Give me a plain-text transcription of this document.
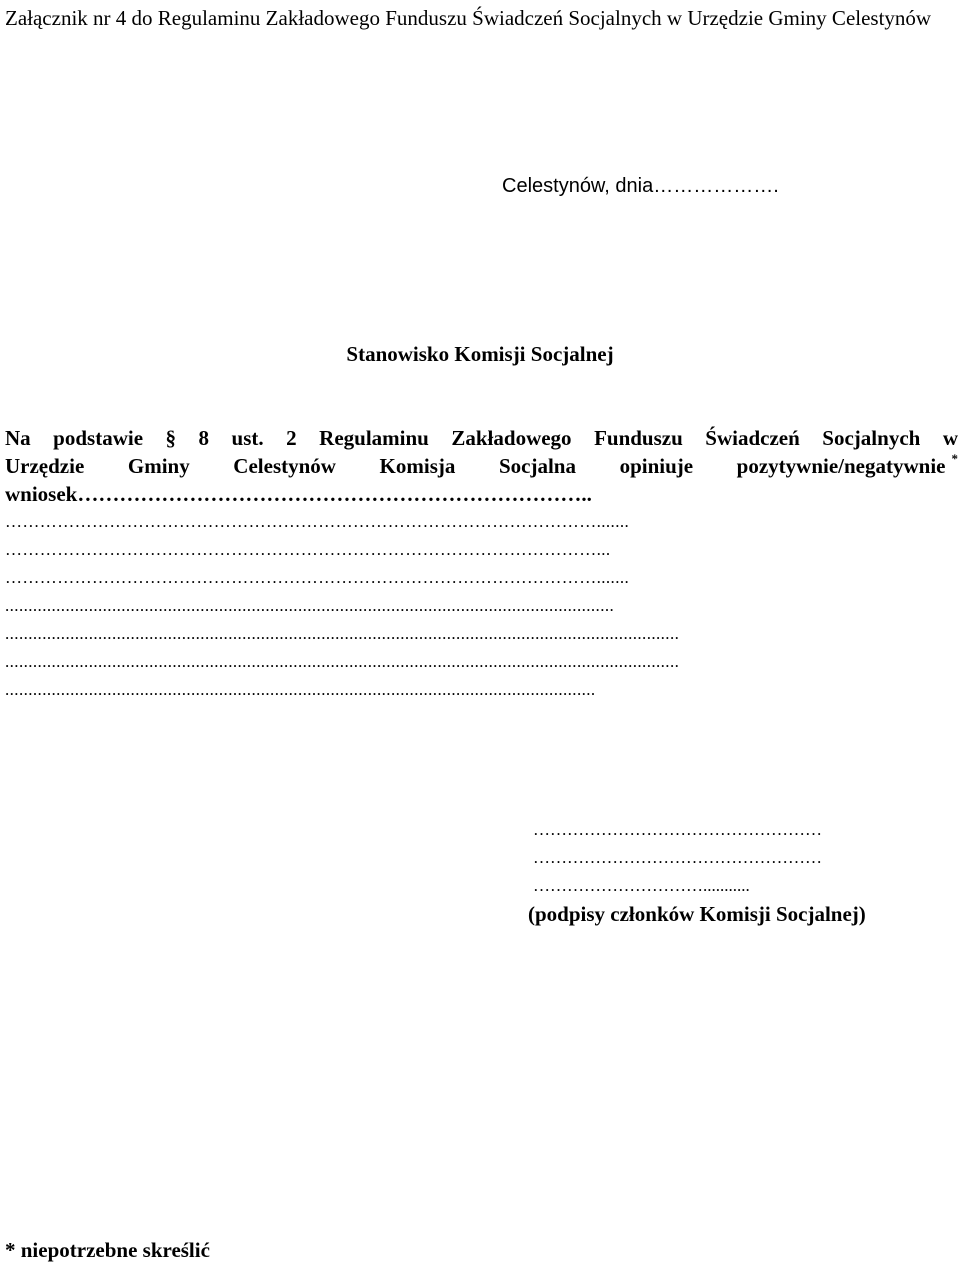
Załącznik nr 4 do Regulaminu Zakładowego Funduszu Świadczeń Socjalnych w Urzędzie Gminy Celestynów
Celestynów, dnia……………….
Stanowisko Komisji Socjalnej
Na podstawie § 8 ust. 2 Regulaminu Zakładowego Funduszu Świadczeń Socjalnych w
Urzędzie Gminy Celestynów Komisja Socjalna opiniuje pozytywnie/negatywnie *
wniosek………………………………………………………………..
………………………………………………………………………………………….......
…………………………………………………………………………………………...
………………………………………………………………………………………….......
...................................................................................................................................
.................................................................................................................................................
.................................................................................................................................................
...............................................................................................................................
……………………………………………
……………………………………………
…………………………...........
(podpisy członków Komisji Socjalnej)
* niepotrzebne skreślić
